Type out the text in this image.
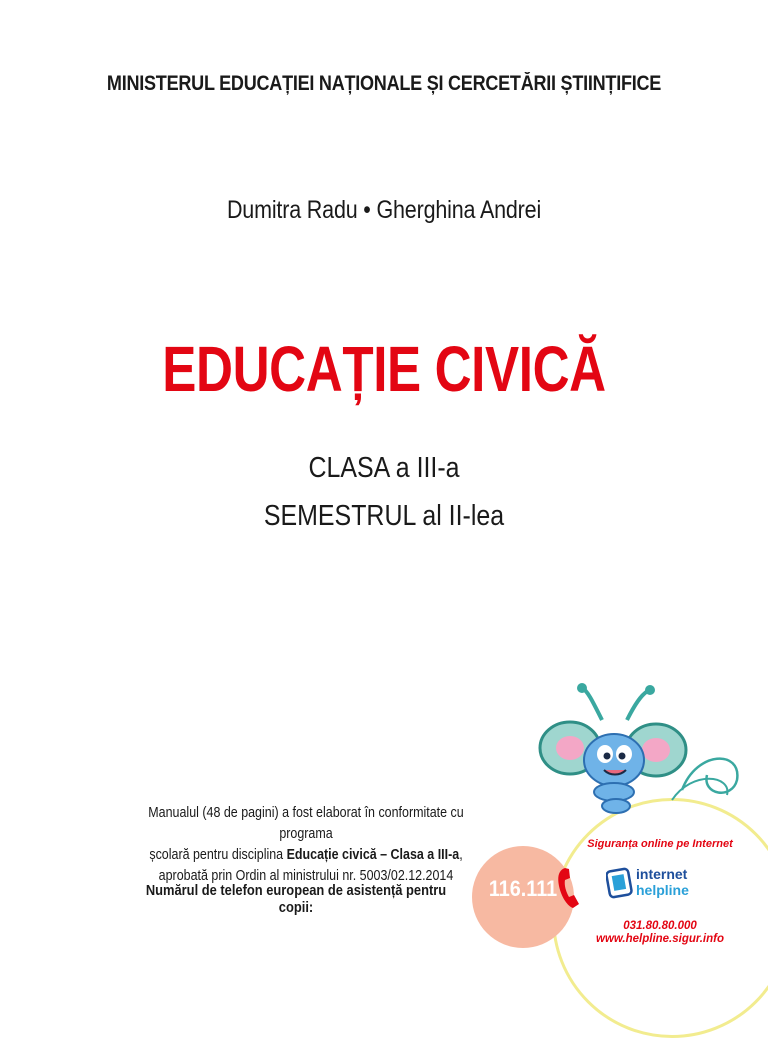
MINISTERUL EDUCAȚIEI NAȚIONALE ȘI CERCETĂRII ȘTIINȚIFICE
Dumitra Radu • Gherghina Andrei
EDUCAȚIE CIVICĂ
CLASA a III-a
SEMESTRUL al II-lea
Manualul (48 de pagini) a fost elaborat în conformitate cu programa
școlară pentru disciplina Educație civică – Clasa a III-a,
aprobată prin Ordin al ministrului nr. 5003/02.12.2014
Numărul de telefon european de asistență pentru copii:
116.111
Siguranța online pe Internet
internet
helpline
031.80.80.000
www.helpline.sigur.info
